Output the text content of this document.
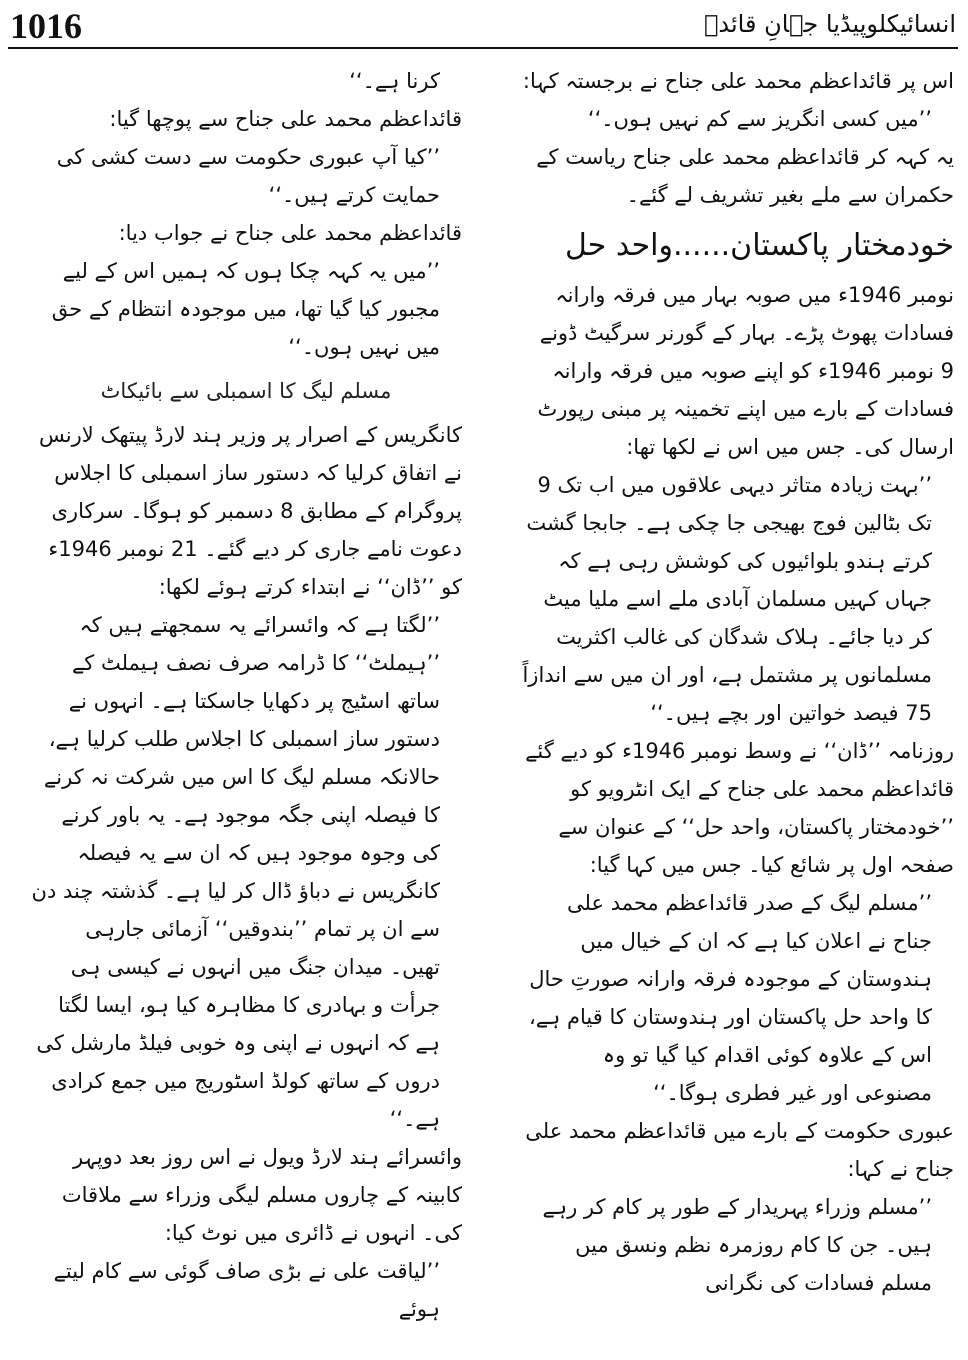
1016	انسائیکلوپیڈیا جہانِ قائدؒ

اس پر قائداعظم محمد علی جناح نے برجستہ کہا:

’’میں کسی انگریز سے کم نہیں ہوں۔‘‘

یہ کہہ کر قائداعظم محمد علی جناح ریاست کے حکمران سے ملے بغیر تشریف لے گئے۔

خودمختار پاکستان......واحد حل

نومبر 1946ء میں صوبہ بہار میں فرقہ وارانہ فسادات پھوٹ پڑے۔ بہار کے گورنر سرگیٹ ڈونے 9 نومبر 1946ء کو اپنے صوبہ میں فرقہ وارانہ فسادات کے بارے میں اپنے تخمینہ پر مبنی رپورٹ ارسال کی۔ جس میں اس نے لکھا تھا:

’’بہت زیادہ متاثر دیہی علاقوں میں اب تک 9 تک بٹالین فوج بھیجی جا چکی ہے۔ جابجا گشت کرتے ہندو بلوائیوں کی کوشش رہی ہے کہ جہاں کہیں مسلمان آبادی ملے اسے ملیا میٹ کر دیا جائے۔ ہلاک شدگان کی غالب اکثریت مسلمانوں پر مشتمل ہے، اور ان میں سے اندازاً 75 فیصد خواتین اور بچے ہیں۔‘‘

روزنامہ ’’ڈان‘‘ نے وسط نومبر 1946ء کو دیے گئے قائداعظم محمد علی جناح کے ایک انٹرویو کو ’’خودمختار پاکستان، واحد حل‘‘ کے عنوان سے صفحہ اول پر شائع کیا۔ جس میں کہا گیا:

’’مسلم لیگ کے صدر قائداعظم محمد علی جناح نے اعلان کیا ہے کہ ان کے خیال میں ہندوستان کے موجودہ فرقہ وارانہ صورتِ حال کا واحد حل پاکستان اور ہندوستان کا قیام ہے، اس کے علاوہ کوئی اقدام کیا گیا تو وہ مصنوعی اور غیر فطری ہوگا۔‘‘

عبوری حکومت کے بارے میں قائداعظم محمد علی جناح نے کہا:

’’مسلم وزراء پہریدار کے طور پر کام کر رہے ہیں۔ جن کا کام روزمرہ نظم ونسق میں مسلم فسادات کی نگرانی

کرنا ہے۔‘‘

قائداعظم محمد علی جناح سے پوچھا گیا:

’’کیا آپ عبوری حکومت سے دست کشی کی حمایت کرتے ہیں۔‘‘

قائداعظم محمد علی جناح نے جواب دیا:

’’میں یہ کہہ چکا ہوں کہ ہمیں اس کے لیے مجبور کیا گیا تھا، میں موجودہ انتظام کے حق میں نہیں ہوں۔‘‘

مسلم لیگ کا اسمبلی سے بائیکاٹ

کانگریس کے اصرار پر وزیر ہند لارڈ پیتھک لارنس نے اتفاق کرلیا کہ دستور ساز اسمبلی کا اجلاس پروگرام کے مطابق 8 دسمبر کو ہوگا۔ سرکاری دعوت نامے جاری کر دیے گئے۔ 21 نومبر 1946ء کو ’’ڈان‘‘ نے ابتداء کرتے ہوئے لکھا:

’’لگتا ہے کہ وائسرائے یہ سمجھتے ہیں کہ ’’ہیملٹ‘‘ کا ڈرامہ صرف نصف ہیملٹ کے ساتھ اسٹیج پر دکھایا جاسکتا ہے۔ انہوں نے دستور ساز اسمبلی کا اجلاس طلب کرلیا ہے، حالانکہ مسلم لیگ کا اس میں شرکت نہ کرنے کا فیصلہ اپنی جگہ موجود ہے۔ یہ باور کرنے کی وجوہ موجود ہیں کہ ان سے یہ فیصلہ کانگریس نے دباؤ ڈال کر لیا ہے۔ گذشتہ چند دن سے ان پر تمام ’’بندوقیں‘‘ آزمائی جارہی تھیں۔ میدان جنگ میں انہوں نے کیسی ہی جرأت و بہادری کا مظاہرہ کیا ہو، ایسا لگتا ہے کہ انہوں نے اپنی وہ خوبی فیلڈ مارشل کی دروں کے ساتھ کولڈ اسٹوریج میں جمع کرادی ہے۔‘‘

وائسرائے ہند لارڈ ویول نے اس روز بعد دوپہر کابینہ کے چاروں مسلم لیگی وزراء سے ملاقات کی۔ انہوں نے ڈائری میں نوٹ کیا:

’’لیاقت علی نے بڑی صاف گوئی سے کام لیتے ہوئے
